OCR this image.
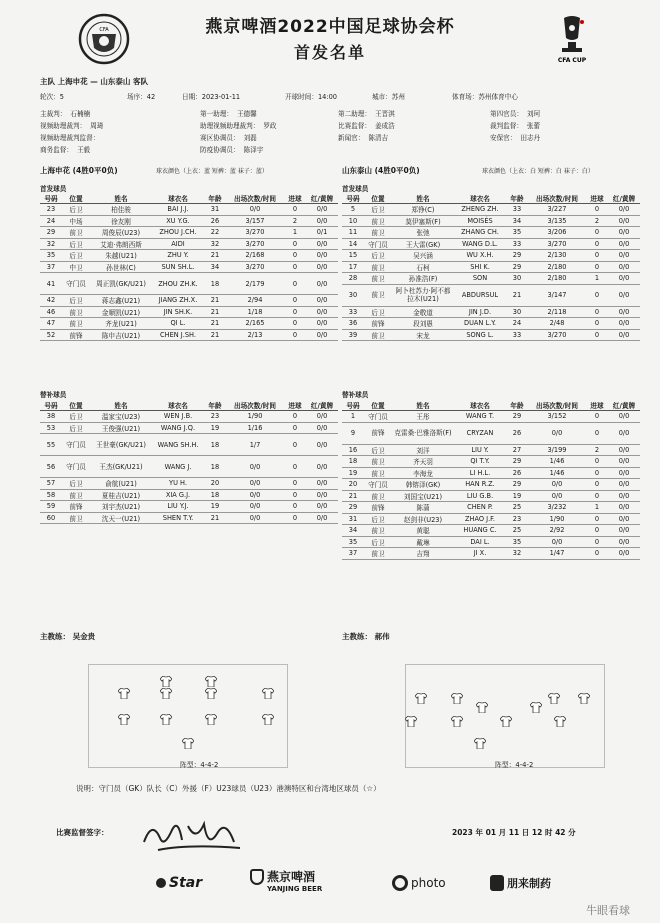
CFA	燕京啤酒2022中国足球协会杯
首发名单	CFA CUP
主队 上海申花 — 山东泰山 客队
轮次：5	场序：42	日期：2023-01-11	开球时间：14:00	城市：苏州	体育场：苏州体育中心
主裁判： 石楠楠	第一助理： 王德馨	第二助理： 王晋淇	第四官员： 刘珂
视频助理裁判： 周琦	助理视频助理裁判： 罗政	比赛监督： 姜成浩	裁判监督： 张蕾
视频助理裁判监督：	赛区协调员： 刘磊	新闻官： 陈清吉	安保官： 田志丹
商务监督： 王毅	防疫协调员： 陈泽宇
上海申花 (4胜0平0负)	球衣颜色（上衣：蓝 短裤：蓝 袜子：蓝）
首发球员
山东泰山 (4胜0平0负)	球衣颜色（上衣：白 短裤：白 袜子：白）
首发球员
号码	位置	姓名	球衣名	年龄	出场次数/时间	进球	红/黄牌
23	后卫	柏佳骏	BAI J.J.	31	0/0	0	0/0
24	中场	徐友刚	XU Y.G.	26	3/157	2	0/0
29	前卫	周俊辰(U23)	ZHOU J.CH.	22	3/270	1	0/1
32	后卫	艾迪·弗朗西斯	AIDI	32	3/270	0	0/0
35	后卫	朱越(U21)	ZHU Y.	21	2/168	0	0/0
37	中卫	孙世林(C)	SUN SH.L.	34	3/270	0	0/0
41	守门员	周正凯(GK/U21)	ZHOU ZH.K.	18	2/179	0	0/0
42	后卫	蒋志鑫(U21)	JIANG ZH.X.	21	2/94	0	0/0
46	前卫	金顺凯(U21)	JIN SH.K.	21	1/18	0	0/0
47	前卫	齐龙(U21)	QI L.	21	2/165	0	0/0
52	前锋	陈申吉(U21)	CHEN J.SH.	21	2/13	0	0/0
号码	位置	姓名	球衣名	年龄	出场次数/时间	进球	红/黄牌
5	后卫	郑铮(C)	ZHENG ZH.	33	3/227	0	0/0
10	前卫	莫伊塞斯(F)	MOISÉS	34	3/135	2	0/0
11	前卫	张弛	ZHANG CH.	35	3/206	0	0/0
14	守门员	王大雷(GK)	WANG D.L.	33	3/270	0	0/0
15	后卫	吴兴涵	WU X.H.	29	2/130	0	0/0
17	前卫	石柯	SHI K.	29	2/180	0	0/0
28	前卫	孙准浩(F)	SON	30	2/180	1	0/0
30	前卫	阿卜杜苏力·阿不都拉木(U21)	ABDURSUL	21	3/147	0	0/0
33	后卫	金敬道	JIN J.D.	30	2/118	0	0/0
36	前锋	段刘愚	DUAN L.Y.	24	2/48	0	0/0
39	前卫	宋龙	SONG L.	33	3/270	0	0/0
替补球员	替补球员
号码	位置	姓名	球衣名	年龄	出场次数/时间	进球	红/黄牌
38	后卫	温家宝(U23)	WEN J.B.	23	1/90	0	0/0
53	后卫	王俊强(U21)	WANG J.Q.	19	1/16	0	0/0
55	守门员	王世豪(GK/U21)	WANG SH.H.	18	1/7	0	0/0
56	守门员	王杰(GK/U21)	WANG J.	18	0/0	0	0/0
57	后卫	俞航(U21)	YU H.	20	0/0	0	0/0
58	前卫	夏桂吉(U21)	XIA G.J.	18	0/0	0	0/0
59	前锋	刘宇杰(U21)	LIU Y.J.	19	0/0	0	0/0
60	前卫	沈天一(U21)	SHEN T.Y.	21	0/0	0	0/0
号码	位置	姓名	球衣名	年龄	出场次数/时间	进球	红/黄牌
1	守门员	王彤	WANG T.	29	3/152	0	0/0
9	前锋	克雷桑·巴雅洛斯(F)	CRYZAN	26	0/0	0	0/0
16	后卫	刘洋	LIU Y.	27	3/199	2	0/0
18	前卫	齐天羽	QI T.Y.	29	1/46	0	0/0
19	前卫	李海龙	LI H.L.	26	1/46	0	0/0
20	守门员	韩镕泽(GK)	HAN R.Z.	29	0/0	0	0/0
21	前卫	刘国宝(U21)	LIU G.B.	19	0/0	0	0/0
29	前锋	陈蒲	CHEN P.	25	3/232	1	0/0
31	后卫	赵剑非(U23)	ZHAO J.F.	23	1/90	0	0/0
34	前卫	黄聪	HUANG C.	25	2/92	0	0/0
35	后卫	戴琳	DAI L.	35	0/0	0	0/0
37	前卫	吉翔	JI X.	32	1/47	0	0/0
主教练： 吴金贵	主教练： 郝伟
阵型：4-4-2	阵型：4-4-2
说明：守门员（GK）队长（C）外援（F）U23球员（U23）港澳特区和台湾地区球员（☆）
比赛监督签字：	2023 年 01 月 11 日 12 时 42 分
Star	燕京啤酒
YANJING BEER	photo	朋来制药
牛眼看球
